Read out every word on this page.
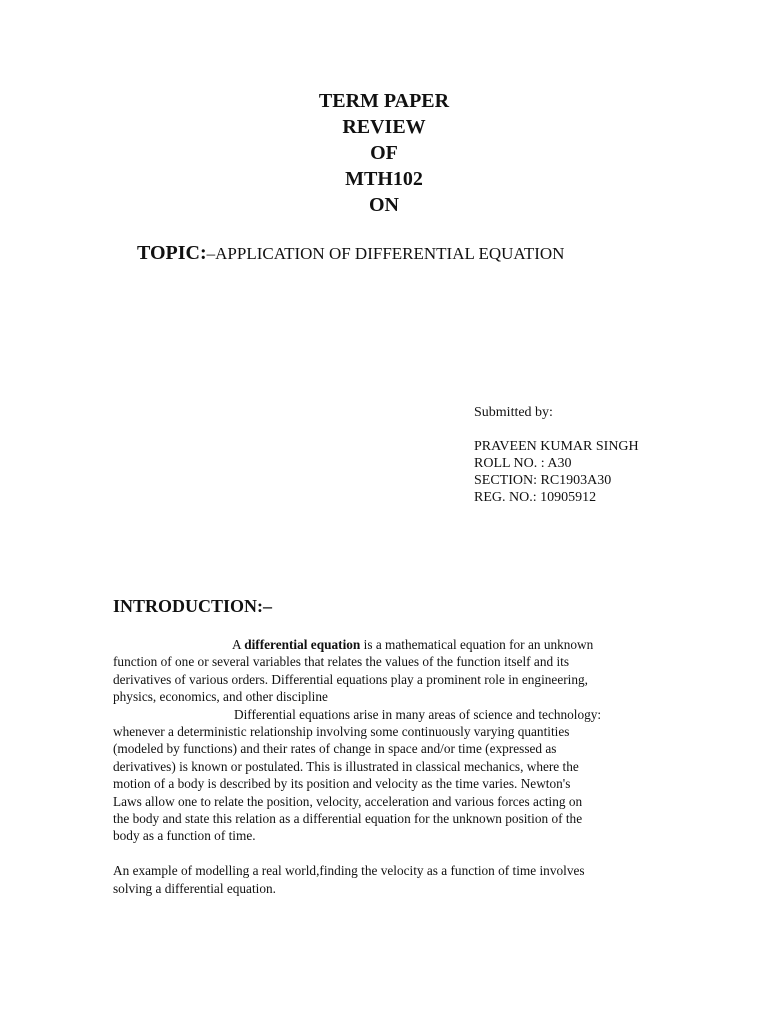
TERM PAPER
REVIEW
OF
MTH102
ON
TOPIC:–APPLICATION OF DIFFERENTIAL EQUATION
Submitted by:
PRAVEEN KUMAR SINGH
ROLL NO. : A30
SECTION: RC1903A30
REG. NO.: 10905912
INTRODUCTION:–
A differential equation is a mathematical equation for an unknown
function of one or several variables that relates the values of the function itself and its
derivatives of various orders. Differential equations play a prominent role in engineering,
physics, economics, and other discipline
Differential equations arise in many areas of science and technology:
whenever a deterministic relationship involving some continuously varying quantities
(modeled by functions) and their rates of change in space and/or time (expressed as
derivatives) is known or postulated. This is illustrated in classical mechanics, where the
motion of a body is described by its position and velocity as the time varies. Newton's
Laws allow one to relate the position, velocity, acceleration and various forces acting on
the body and state this relation as a differential equation for the unknown position of the
body as a function of time.
An example of modelling a real world,finding the velocity as a function of time involves
solving a differential equation.
